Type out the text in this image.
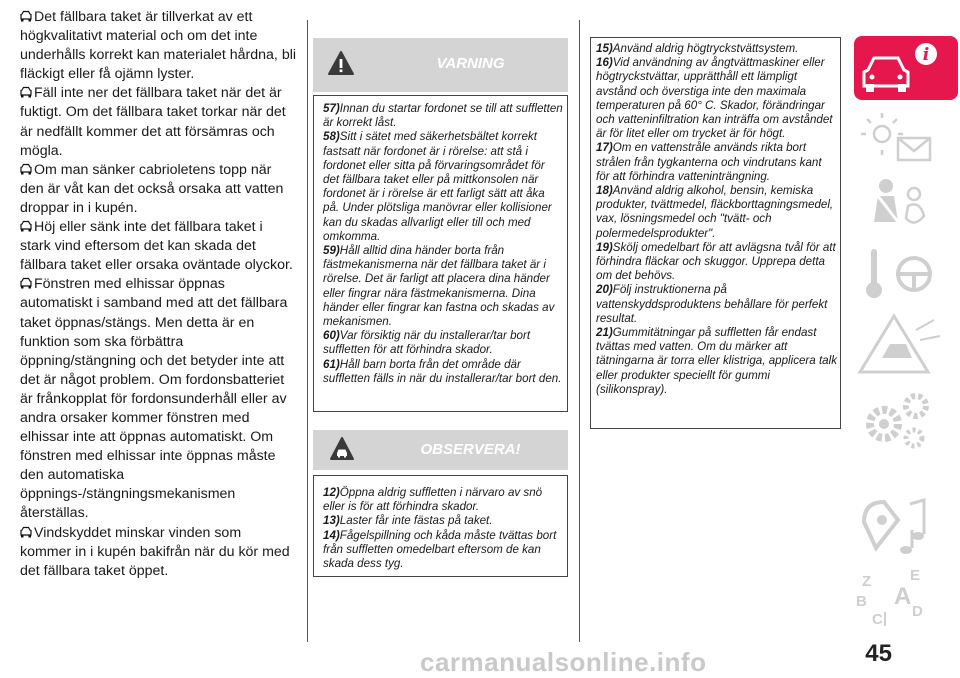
Det fällbara taket är tillverkat av ett högkvalitativt material och om det inte underhålls korrekt kan materialet hårdna, bli fläckigt eller få ojämn lyster.

Fäll inte ner det fällbara taket när det är fuktigt. Om det fällbara taket torkar när det är nedfällt kommer det att försämras och mögla.

Om man sänker cabrioletens topp när den är våt kan det också orsaka att vatten droppar in i kupén.

Höj eller sänk inte det fällbara taket i stark vind eftersom det kan skada det fällbara taket eller orsaka oväntade olyckor.

Fönstren med elhissar öppnas automatiskt i samband med att det fällbara taket öppnas/stängs. Men detta är en funktion som ska förbättra öppning/stängning och det betyder inte att det är något problem. Om fordonsbatteriet är frånkopplat för fordonsunderhåll eller av andra orsaker kommer fönstren med elhissar inte att öppnas automatiskt. Om fönstren med elhissar inte öppnas måste den automatiska öppnings-/stängningsmekanismen återställas.

Vindskyddet minskar vinden som kommer in i kupén bakifrån när du kör med det fällbara taket öppet.

VARNING

57)Innan du startar fordonet se till att suffletten är korrekt låst.

58)Sitt i sätet med säkerhetsbältet korrekt fastsatt när fordonet är i rörelse: att stå i fordonet eller sitta på förvaringsområdet för det fällbara taket eller på mittkonsolen när fordonet är i rörelse är ett farligt sätt att åka på. Under plötsliga manövrar eller kollisioner kan du skadas allvarligt eller till och med omkomma.

59)Håll alltid dina händer borta från fästmekanismerna när det fällbara taket är i rörelse. Det är farligt att placera dina händer eller fingrar nära fästmekanismerna. Dina händer eller fingrar kan fastna och skadas av mekanismen.

60)Var försiktig när du installerar/tar bort suffletten för att förhindra skador.

61)Håll barn borta från det område där suffletten fälls in när du installerar/tar bort den.

OBSERVERA!

12)Öppna aldrig suffletten i närvaro av snö eller is för att förhindra skador.

13)Laster får inte fästas på taket.

14)Fågelspillning och kåda måste tvättas bort från suffletten omedelbart eftersom de kan skada dess tyg.

15)Använd aldrig högtryckstvättsystem.

16)Vid användning av ångtvättmaskiner eller högtryckstvättar, upprätthåll ett lämpligt avstånd och överstiga inte den maximala temperaturen på 60° C. Skador, förändringar och vatteninfiltration kan inträffa om avståndet är för litet eller om trycket är för högt.

17)Om en vattenstråle används rikta bort strålen från tygkanterna och vindrutans kant för att förhindra vatteninträngning.

18)Använd aldrig alkohol, bensin, kemiska produkter, tvättmedel, fläckborttagningsmedel, vax, lösningsmedel och "tvätt- och polermedelsprodukter".

19)Skölj omedelbart för att avlägsna tvål för att förhindra fläckar och skuggor. Upprepa detta om det behövs.

20)Följ instruktionerna på vattenskyddsproduktens behållare för perfekt resultat.

21)Gummitätningar på suffletten får endast tvättas med vatten. Om du märker att tätningarna är torra eller klistriga, applicera talk eller produkter speciellt för gummi (silikonspray).

i
Z	E
B A
C D
45
carmanualsonline.info
